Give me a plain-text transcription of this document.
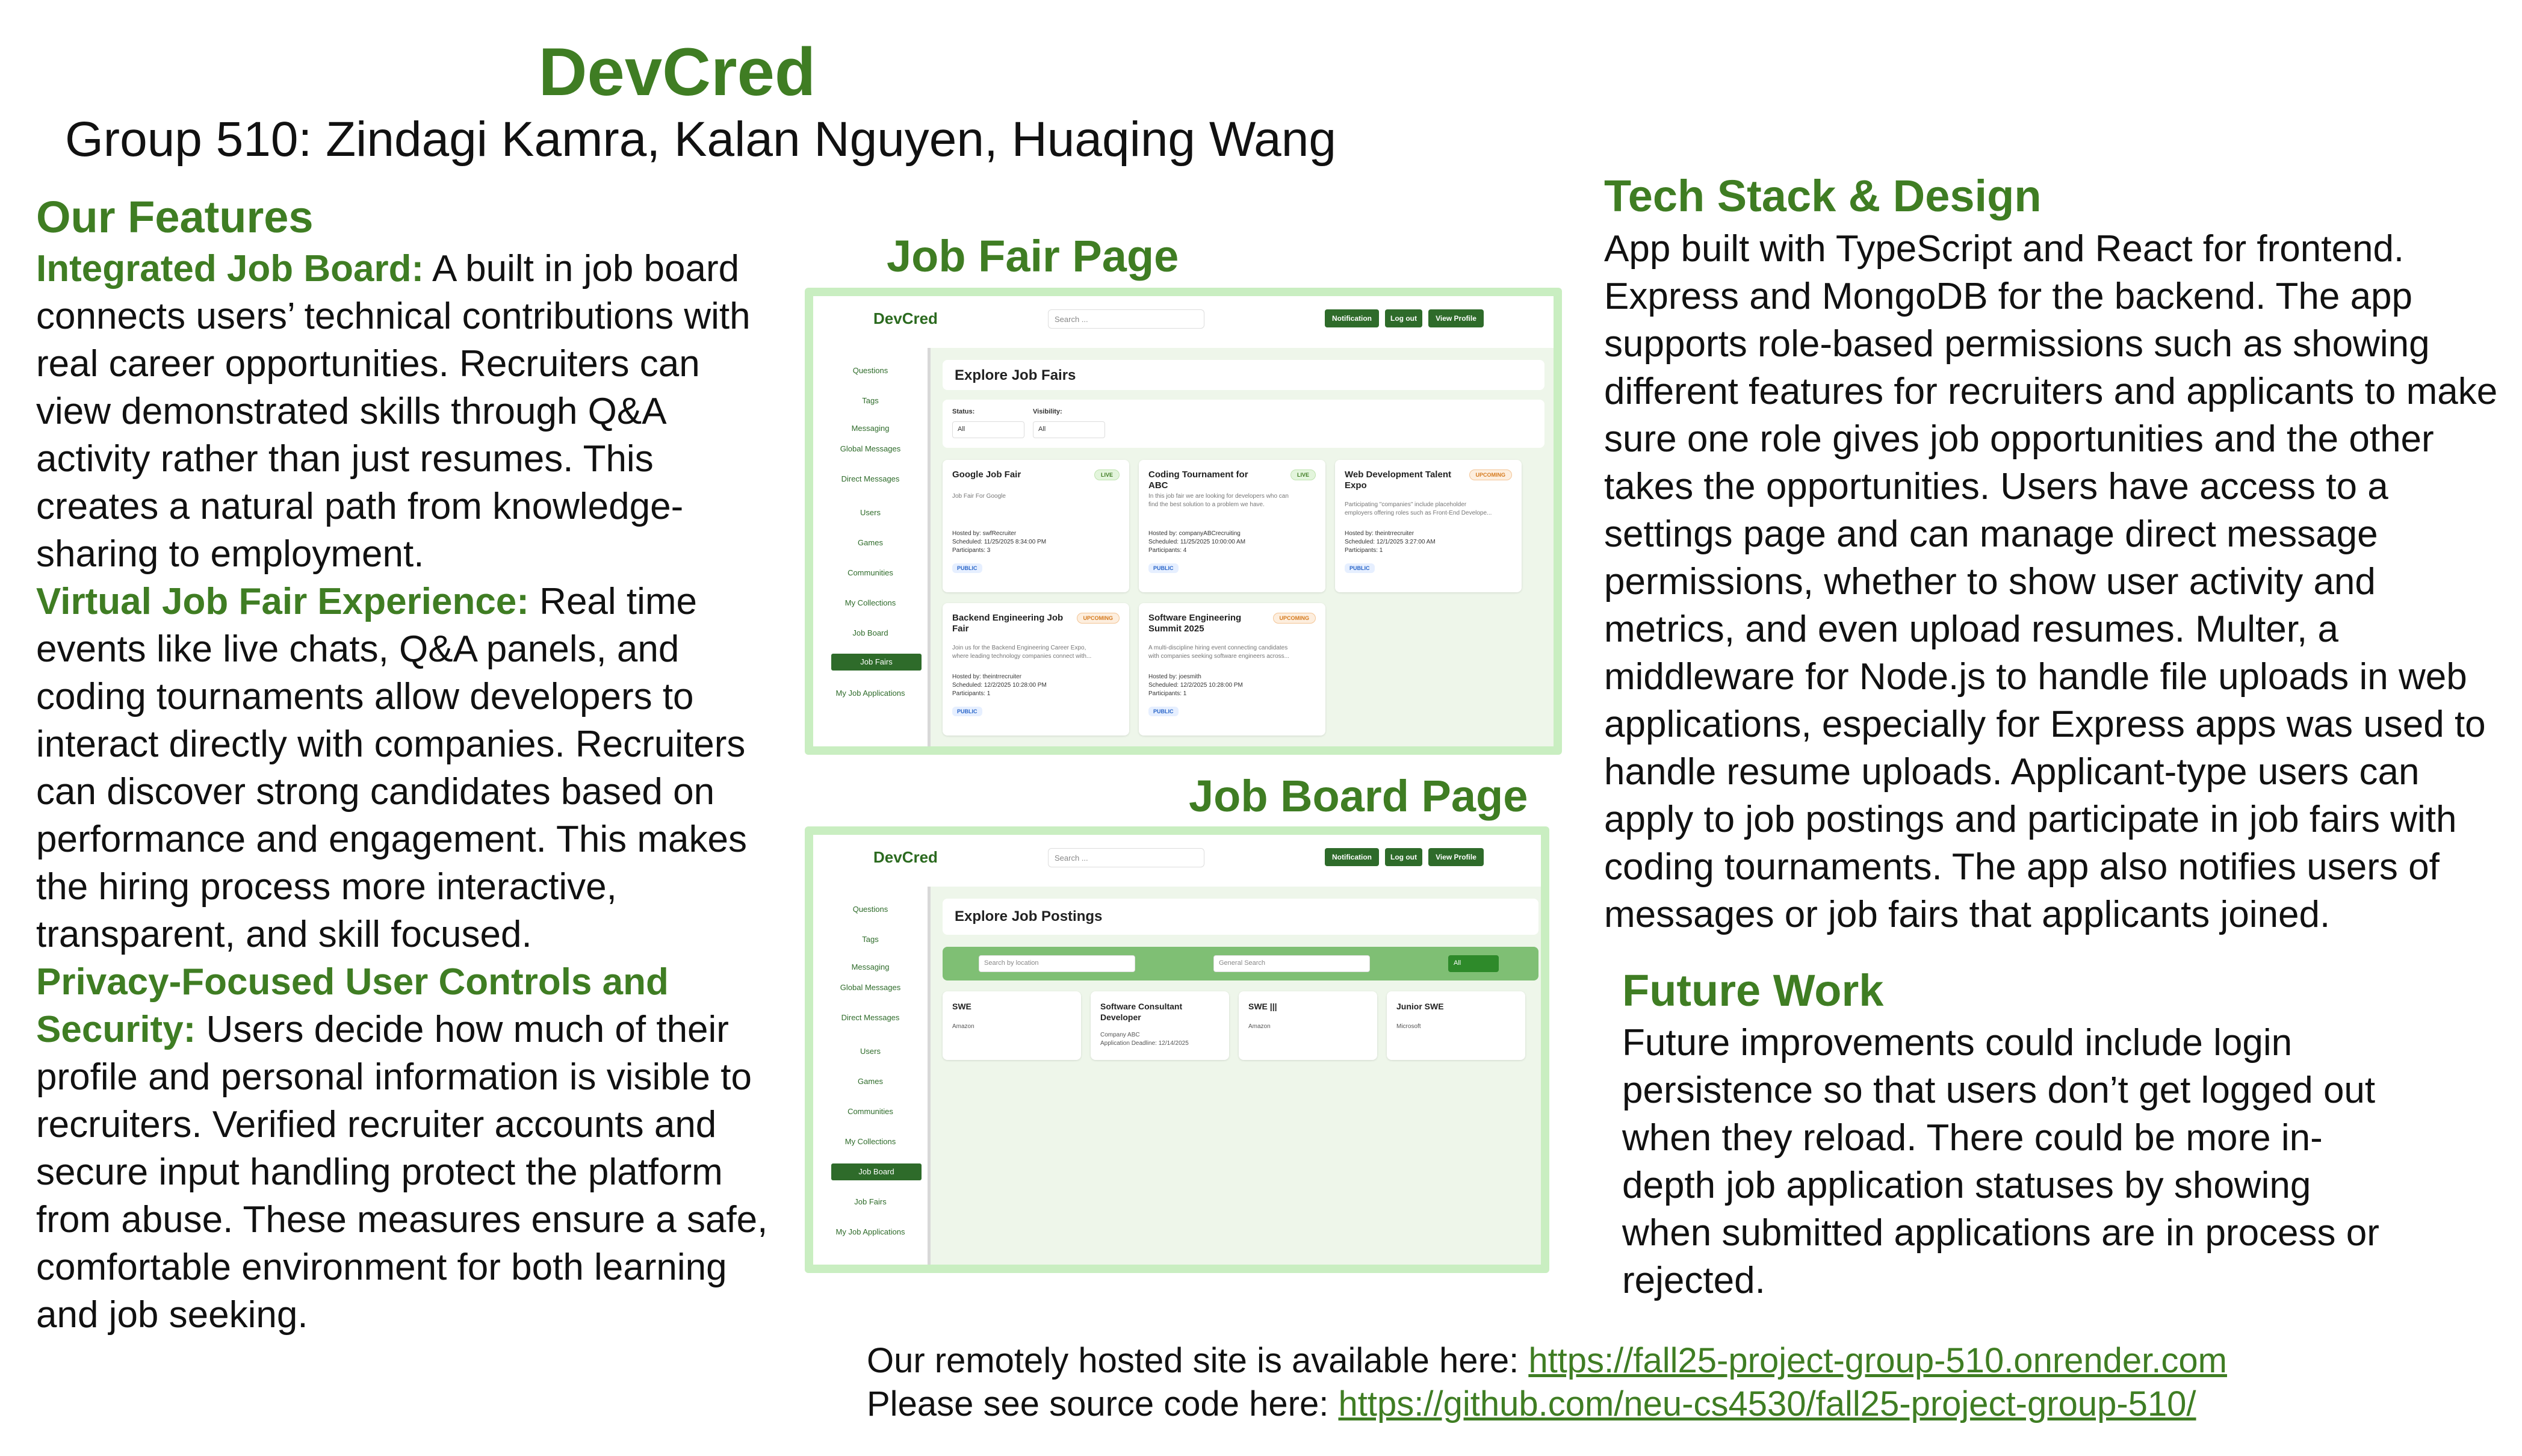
DevCred
Group 510: Zindagi Kamra, Kalan Nguyen, Huaqing Wang
Our Features
Integrated Job Board: A built in job board connects users’ technical contributions with real career opportunities. Recruiters can view demonstrated skills through Q&A activity rather than just resumes. This creates a natural path from knowledge-sharing to employment.
Virtual Job Fair Experience: Real time events like live chats, Q&A panels, and coding tournaments allow developers to interact directly with companies. Recruiters can discover strong candidates based on performance and engagement. This makes the hiring process more interactive, transparent, and skill focused.
Privacy-Focused User Controls and Security: Users decide how much of their profile and personal information is visible to recruiters. Verified recruiter accounts and secure input handling protect the platform from abuse. These measures ensure a safe, comfortable environment for both learning and job seeking.
Tech Stack & Design
App built with TypeScript and React for frontend. Express and MongoDB for the backend. The app supports role-based permissions such as showing different features for recruiters and applicants to make sure one role gives job opportunities and the other takes the opportunities. Users have access to a settings page and can manage direct message permissions, whether to show user activity and metrics, and even upload resumes. Multer, a middleware for Node.js to handle file uploads in web applications, especially for Express apps was used to handle resume uploads. Applicant-type users can apply to job postings and participate in job fairs with coding tournaments. The app also notifies users of messages or job fairs that applicants joined.
Future Work
Future improvements could include login persistence so that users don’t get logged out when they reload. There could be more in-depth job application statuses by showing when submitted applications are in process or rejected.
Our remotely hosted site is available here: https://fall25-project-group-510.onrender.com
Please see source code here: https://github.com/neu-cs4530/fall25-project-group-510/
Job Fair Page
DevCred	Search ...	Notification	Log out	View Profile
Questions
Tags
Messaging
Global Messages
Direct Messages
Users
Games
Communities
My Collections
Job Board
Job Fairs
My Job Applications
Explore Job Fairs
Status:	Visibility:
All	All
Google Job Fair	LIVE
Job Fair For Google
Hosted by: swfRecruiter
Scheduled: 11/25/2025 8:34:00 PM
Participants: 3
PUBLIC
Coding Tournament for ABC
LIVE
In this job fair we are looking for developers who can find the best solution to a problem we have.
Hosted by: companyABCrecruiting
Scheduled: 11/25/2025 10:00:00 AM
Participants: 4
PUBLIC
Web Development Talent Expo
UPCOMING
Participating "companies" include placeholder employers offering roles such as Front-End Develope...
Hosted by: theintrrecruiter
Scheduled: 12/1/2025 3:27:00 AM
Participants: 1
PUBLIC
Backend Engineering Job Fair
UPCOMING
Join us for the Backend Engineering Career Expo, where leading technology companies connect with...
Hosted by: theintrrecruiter
Scheduled: 12/2/2025 10:28:00 PM
Participants: 1
PUBLIC
Software Engineering Summit 2025
UPCOMING
A multi-discipline hiring event connecting candidates with companies seeking software engineers across...
Hosted by: joesmith
Scheduled: 12/2/2025 10:28:00 PM
Participants: 1
PUBLIC
Job Board Page
DevCred	Search ...	Notification	Log out	View Profile
Questions
Tags
Messaging
Global Messages
Direct Messages
Users
Games
Communities
My Collections
Job Board
Job Fairs
My Job Applications
Explore Job Postings
Search by location	General Search	All
SWE
Amazon
Software Consultant Developer
Company ABC
Application Deadline: 12/14/2025
SWE |||
Amazon
Junior SWE
Microsoft
